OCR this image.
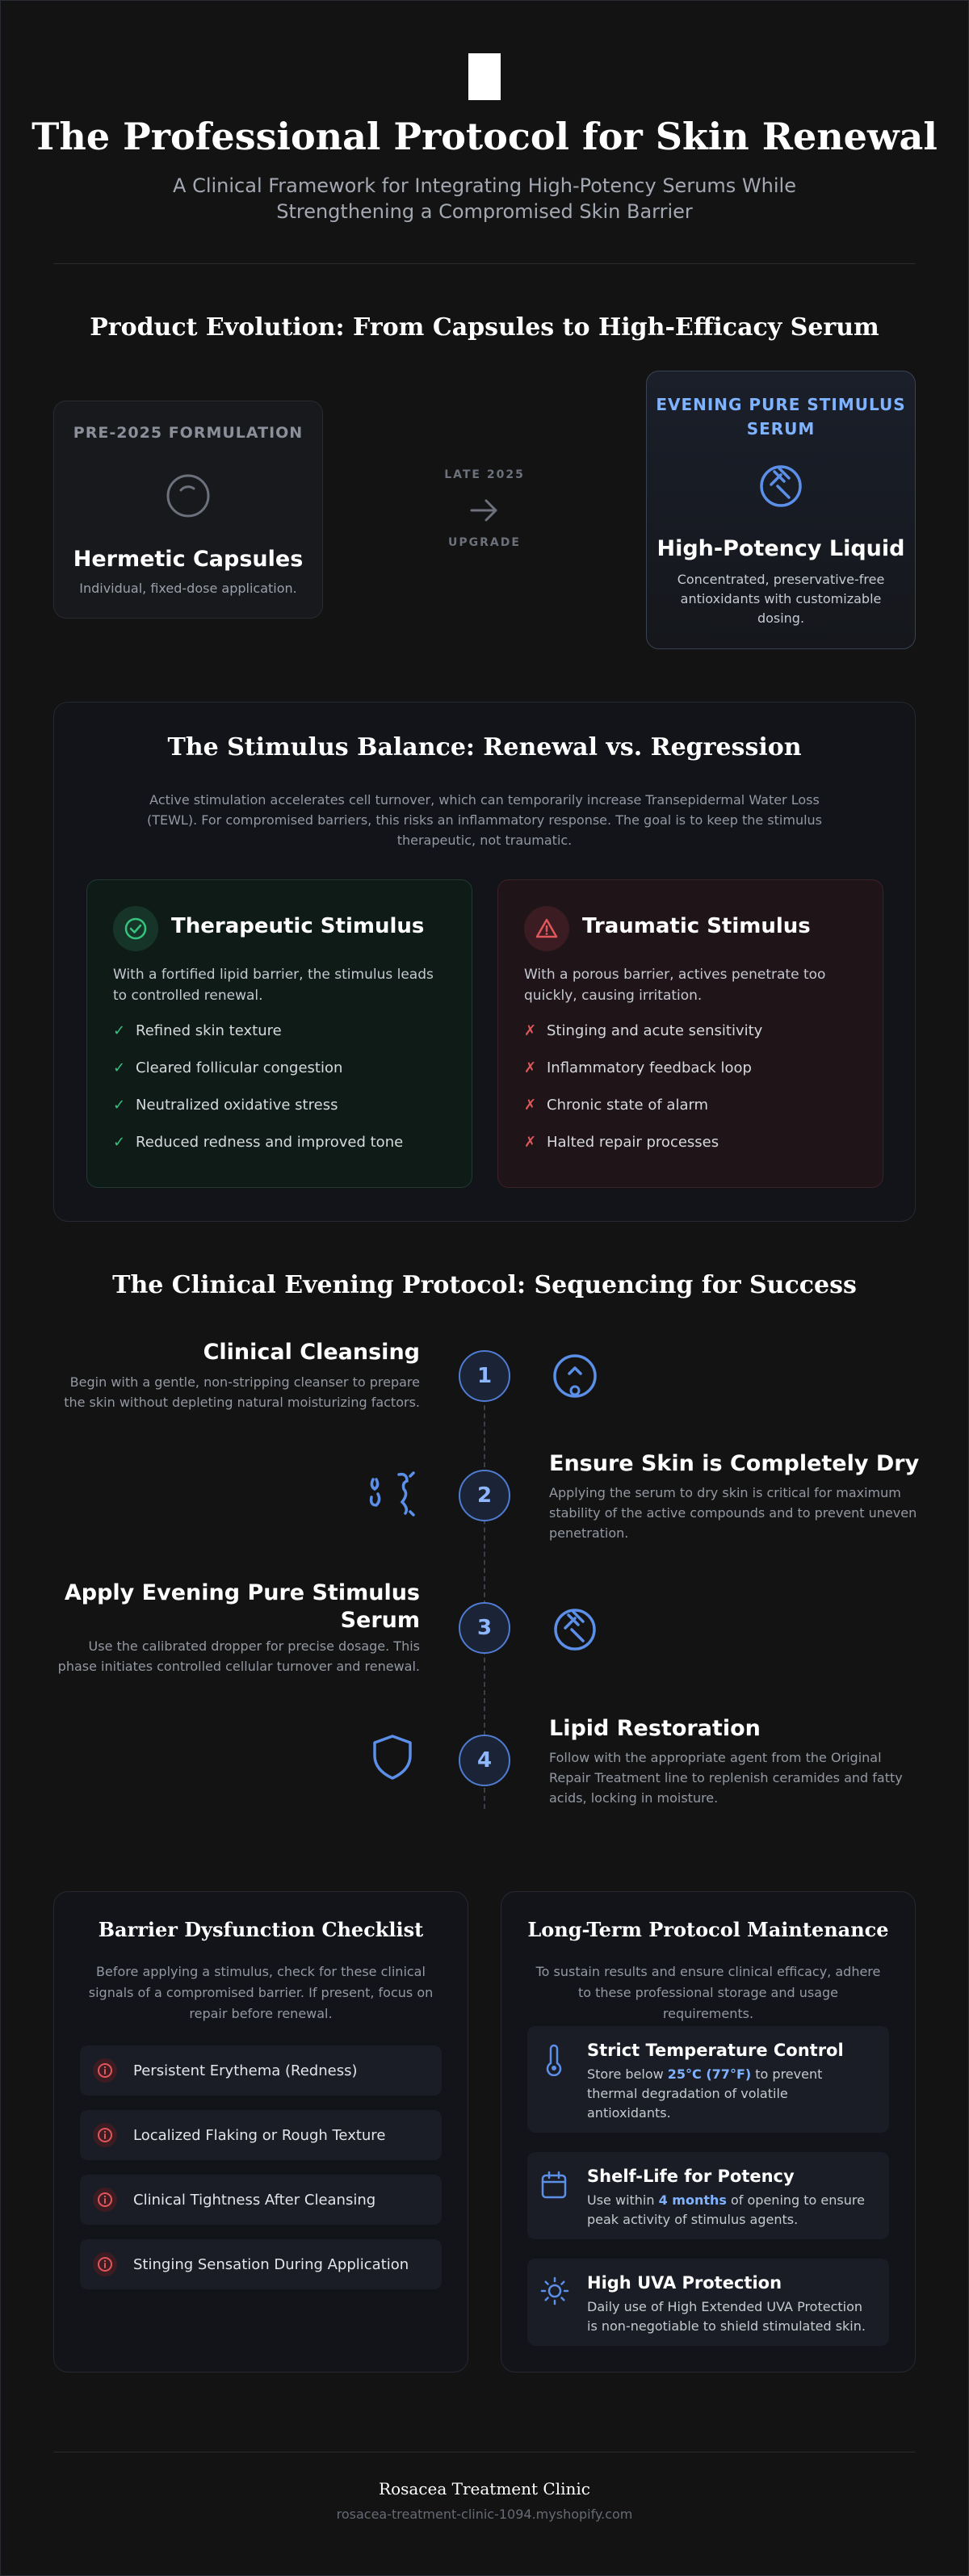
The Professional Protocol for Skin Renewal

A Clinical Framework for Integrating High-Potency Serums While Strengthening a Compromised Skin Barrier

Product Evolution: From Capsules to High-Efficacy Serum
PRE-2025 FORMULATION
Hermetic Capsules
Individual, fixed-dose application.
LATE 2025
UPGRADE
EVENING PURE STIMULUS SERUM
High-Potency Liquid
Concentrated, preservative-free antioxidants with customizable dosing.
The Stimulus Balance: Renewal vs. Regression

Active stimulation accelerates cell turnover, which can temporarily increase Transepidermal Water Loss (TEWL). For compromised barriers, this risks an inflammatory response. The goal is to keep the stimulus therapeutic, not traumatic.

Therapeutic Stimulus
With a fortified lipid barrier, the stimulus leads to controlled renewal.
✓ Refined skin texture
✓ Cleared follicular congestion
✓ Neutralized oxidative stress
✓ Reduced redness and improved tone
Traumatic Stimulus
With a porous barrier, actives penetrate too quickly, causing irritation.
✗ Stinging and acute sensitivity
✗ Inflammatory feedback loop
✗ Chronic state of alarm
✗ Halted repair processes
The Clinical Evening Protocol: Sequencing for Success
Clinical Cleansing
Begin with a gentle, non-stripping cleanser to prepare the skin without depleting natural moisturizing factors.
1
2
Ensure Skin is Completely Dry
Applying the serum to dry skin is critical for maximum stability of the active compounds and to prevent uneven penetration.
Apply Evening Pure Stimulus Serum
Use the calibrated dropper for precise dosage. This phase initiates controlled cellular turnover and renewal.
3
4
Lipid Restoration
Follow with the appropriate agent from the Original Repair Treatment line to replenish ceramides and fatty acids, locking in moisture.
Barrier Dysfunction Checklist
Before applying a stimulus, check for these clinical signals of a compromised barrier. If present, focus on repair before renewal.
Persistent Erythema (Redness)
Localized Flaking or Rough Texture
Clinical Tightness After Cleansing
Stinging Sensation During Application
Long-Term Protocol Maintenance
To sustain results and ensure clinical efficacy, adhere to these professional storage and usage requirements.
Strict Temperature Control
Store below 25°C (77°F) to prevent thermal degradation of volatile antioxidants.
Shelf-Life for Potency
Use within 4 months of opening to ensure peak activity of stimulus agents.
High UVA Protection
Daily use of High Extended UVA Protection is non-negotiable to shield stimulated skin.
Rosacea Treatment Clinic
rosacea-treatment-clinic-1094.myshopify.com
